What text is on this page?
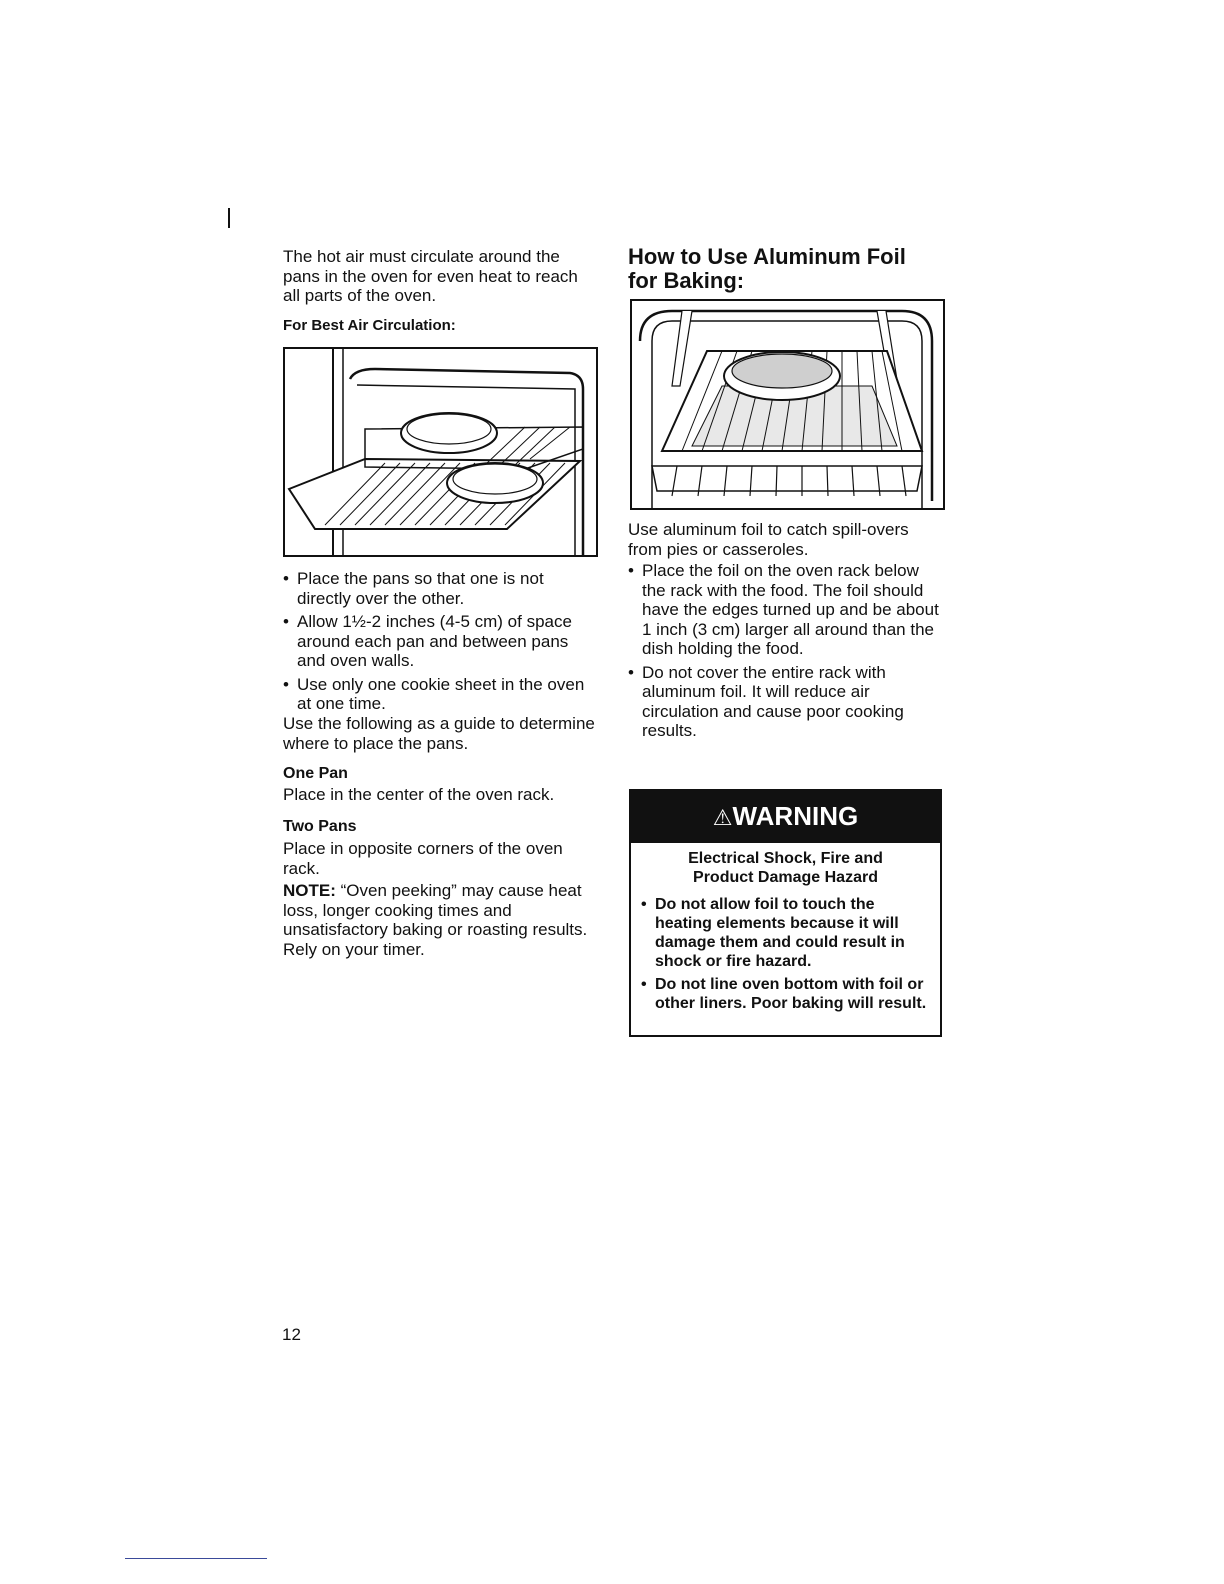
The hot air must circulate around the pans in the oven for even heat to reach all parts of the oven.
For Best Air Circulation:
• Place the pans so that one is not directly over the other.
• Allow 1½-2 inches (4-5 cm) of space around each pan and between pans and oven walls.
• Use only one cookie sheet in the oven at one time.
Use the following as a guide to determine where to place the pans.
One Pan
Place in the center of the oven rack.
Two Pans
Place in opposite corners of the oven rack.
NOTE: “Oven peeking” may cause heat loss, longer cooking times and unsatisfactory baking or roasting results. Rely on your timer.
How to Use Aluminum Foil for Baking:
Use aluminum foil to catch spill-overs from pies or casseroles.
• Place the foil on the oven rack below the rack with the food. The foil should have the edges turned up and be about 1 inch (3 cm) larger all around than the dish holding the food.
• Do not cover the entire rack with aluminum foil. It will reduce air circulation and cause poor cooking results.
⚠WARNING
Electrical Shock, Fire and Product Damage Hazard
• Do not allow foil to touch the heating elements because it will damage them and could result in shock or fire hazard.
• Do not line oven bottom with foil or other liners. Poor baking will result.
12
